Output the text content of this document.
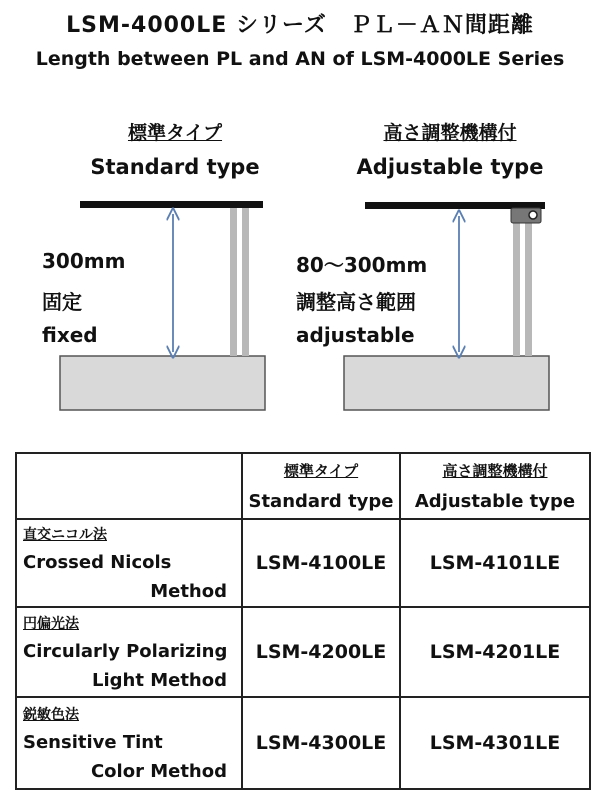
LSM-4000LE シリーズ　ＰＬ－ＡＮ間距離
Length between PL and AN of LSM-4000LE Series
標準タイプ
Standard type
高さ調整機構付
Adjustable type
300mm
固定
fixed
80～300mm
調整高さ範囲
adjustable

	標準タイプ
Standard type	高さ調整機構付
Adjustable type

直交ニコル法
Crossed Nicols
Method	LSM-4100LE	LSM-4101LE

円偏光法
Circularly Polarizing
Light Method	LSM-4200LE	LSM-4201LE

鋭敏色法
Sensitive Tint
Color Method	LSM-4300LE	LSM-4301LE
